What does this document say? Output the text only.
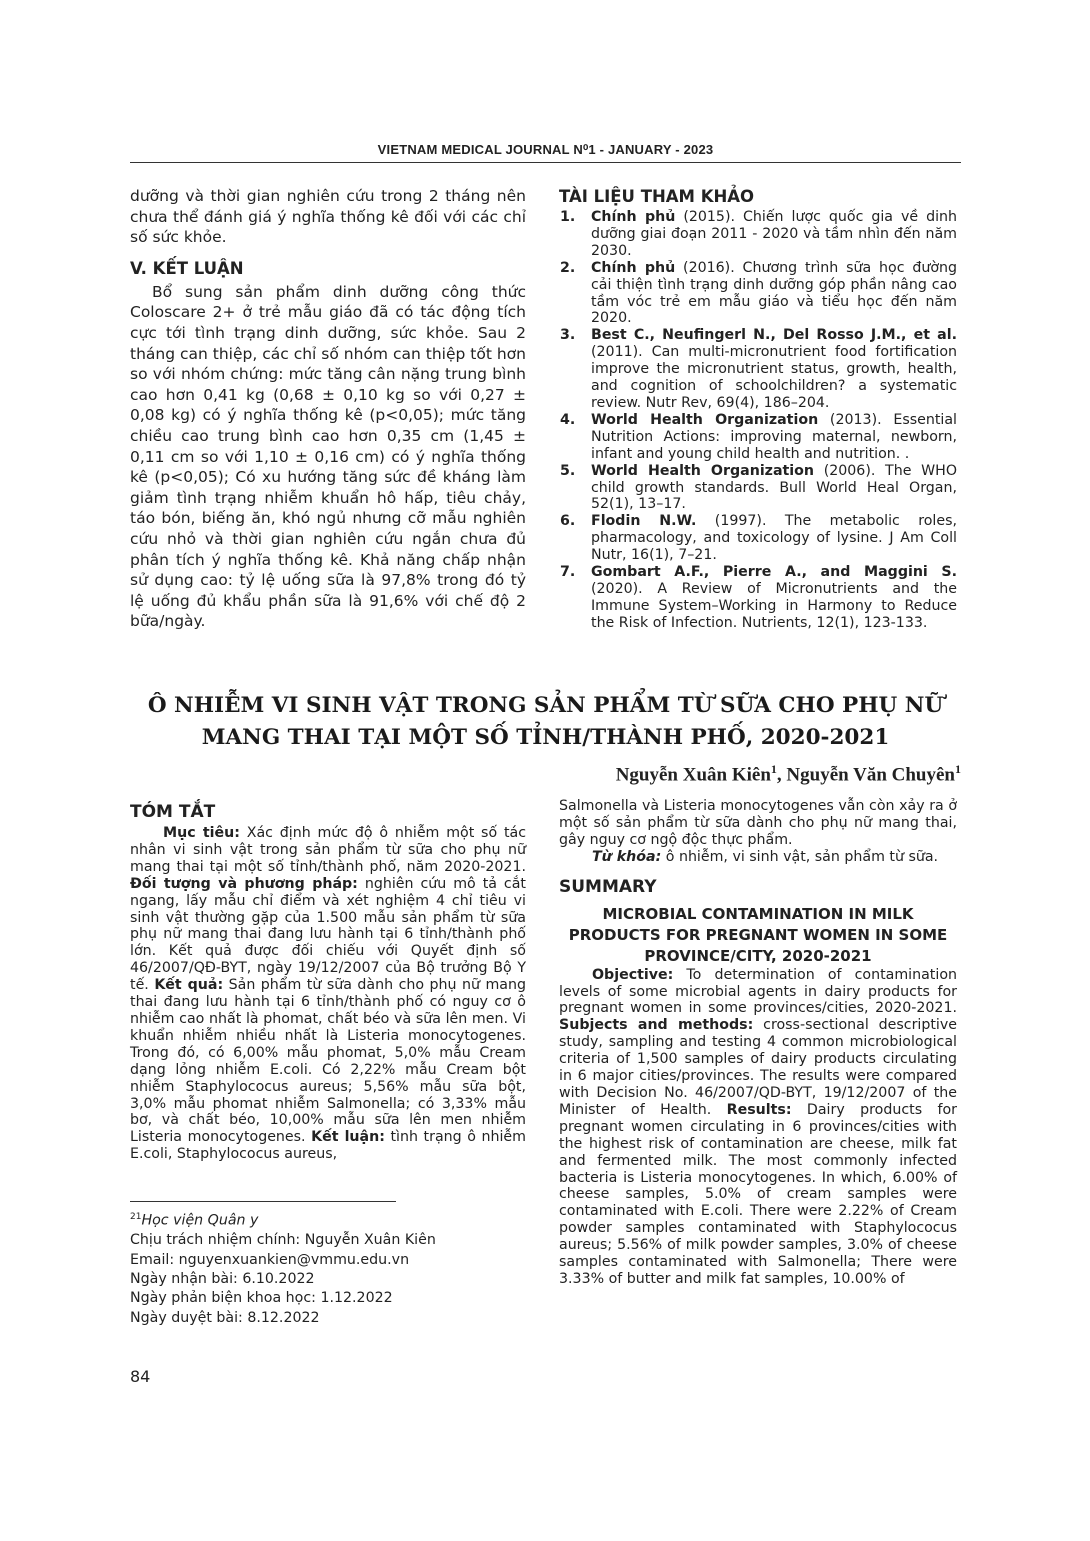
VIETNAM MEDICAL JOURNAL N⁰1 - JANUARY - 2023

dưỡng và thời gian nghiên cứu trong 2 tháng nên chưa thể đánh giá ý nghĩa thống kê đối với các chỉ số sức khỏe.

V. KẾT LUẬN

Bổ sung sản phẩm dinh dưỡng công thức Coloscare 2+ ở trẻ mẫu giáo đã có tác động tích cực tới tình trạng dinh dưỡng, sức khỏe. Sau 2 tháng can thiệp, các chỉ số nhóm can thiệp tốt hơn so với nhóm chứng: mức tăng cân nặng trung bình cao hơn 0,41 kg (0,68 ± 0,10 kg so với 0,27 ± 0,08 kg) có ý nghĩa thống kê (p<0,05); mức tăng chiều cao trung bình cao hơn 0,35 cm (1,45 ± 0,11 cm so với 1,10 ± 0,16 cm) có ý nghĩa thống kê (p<0,05); Có xu hướng tăng sức đề kháng làm giảm tình trạng nhiễm khuẩn hô hấp, tiêu chảy, táo bón, biếng ăn, khó ngủ nhưng cỡ mẫu nghiên cứu nhỏ và thời gian nghiên cứu ngắn chưa đủ phân tích ý nghĩa thống kê. Khả năng chấp nhận sử dụng cao: tỷ lệ uống sữa là 97,8% trong đó tỷ lệ uống đủ khẩu phần sữa là 91,6% với chế độ 2 bữa/ngày.

TÀI LIỆU THAM KHẢO

1. Chính phủ (2015). Chiến lược quốc gia về dinh dưỡng giai đoạn 2011 - 2020 và tầm nhìn đến năm 2030.
2. Chính phủ (2016). Chương trình sữa học đường cải thiện tình trạng dinh dưỡng góp phần nâng cao tầm vóc trẻ em mẫu giáo và tiểu học đến năm 2020.
3. Best C., Neufingerl N., Del Rosso J.M., et al. (2011). Can multi-micronutrient food fortification improve the micronutrient status, growth, health, and cognition of schoolchildren? a systematic review. Nutr Rev, 69(4), 186–204.
4. World Health Organization (2013). Essential Nutrition Actions: improving maternal, newborn, infant and young child health and nutrition. .
5. World Health Organization (2006). The WHO child growth standards. Bull World Heal Organ, 52(1), 13–17.
6. Flodin N.W. (1997). The metabolic roles, pharmacology, and toxicology of lysine. J Am Coll Nutr, 16(1), 7–21.
7. Gombart A.F., Pierre A., and Maggini S. (2020). A Review of Micronutrients and the Immune System–Working in Harmony to Reduce the Risk of Infection. Nutrients, 12(1), 123-133.
Ô NHIỄM VI SINH VẬT TRONG SẢN PHẨM TỪ SỮA CHO PHỤ NỮ
MANG THAI TẠI MỘT SỐ TỈNH/THÀNH PHỐ, 2020-2021
Nguyễn Xuân Kiên$^1$, Nguyễn Văn Chuyên$^1$

TÓM TẮT

Mục tiêu: Xác định mức độ ô nhiễm một số tác nhân vi sinh vật trong sản phẩm từ sữa cho phụ nữ mang thai tại một số tỉnh/thành phố, năm 2020-2021. Đối tượng và phương pháp: nghiên cứu mô tả cắt ngang, lấy mẫu chỉ điểm và xét nghiệm 4 chỉ tiêu vi sinh vật thường gặp của 1.500 mẫu sản phẩm từ sữa phụ nữ mang thai đang lưu hành tại 6 tỉnh/thành phố lớn. Kết quả được đối chiếu với Quyết định số 46/2007/QĐ-BYT, ngày 19/12/2007 của Bộ trưởng Bộ Y tế. Kết quả: Sản phẩm từ sữa dành cho phụ nữ mang thai đang lưu hành tại 6 tỉnh/thành phố có nguy cơ ô nhiễm cao nhất là phomat, chất béo và sữa lên men. Vi khuẩn nhiễm nhiều nhất là Listeria monocytogenes. Trong đó, có 6,00% mẫu phomat, 5,0% mẫu Cream dạng lỏng nhiễm E.coli. Có 2,22% mẫu Cream bột nhiễm Staphylococus aureus; 5,56% mẫu sữa bột, 3,0% mẫu phomat nhiễm Salmonella; có 3,33% mẫu bơ, và chất béo, 10,00% mẫu sữa lên men nhiễm Listeria monocytogenes. Kết luận: tình trạng ô nhiễm E.coli, Staphylococus aureus,

$^{21}$Học viện Quân y

Chịu trách nhiệm chính: Nguyễn Xuân Kiên

Email: nguyenxuankien@vmmu.edu.vn

Ngày nhận bài: 6.10.2022

Ngày phản biện khoa học: 1.12.2022

Ngày duyệt bài: 8.12.2022

Salmonella và Listeria monocytogenes vẫn còn xảy ra ở một số sản phẩm từ sữa dành cho phụ nữ mang thai, gây nguy cơ ngộ độc thực phẩm.

Từ khóa: ô nhiễm, vi sinh vật, sản phẩm từ sữa.

SUMMARY

MICROBIAL CONTAMINATION IN MILK PRODUCTS FOR PREGNANT WOMEN IN SOME PROVINCE/CITY, 2020-2021

Objective: To determination of contamination levels of some microbial agents in dairy products for pregnant women in some provinces/cities, 2020-2021. Subjects and methods: cross-sectional descriptive study, sampling and testing 4 common microbiological criteria of 1,500 samples of dairy products circulating in 6 major cities/provinces. The results were compared with Decision No. 46/2007/QD-BYT, 19/12/2007 of the Minister of Health. Results: Dairy products for pregnant women circulating in 6 provinces/cities with the highest risk of contamination are cheese, milk fat and fermented milk. The most commonly infected bacteria is Listeria monocytogenes. In which, 6.00% of cheese samples, 5.0% of cream samples were contaminated with E.coli. There were 2.22% of Cream powder samples contaminated with Staphylococus aureus; 5.56% of milk powder samples, 3.0% of cheese samples contaminated with Salmonella; There were 3.33% of butter and milk fat samples, 10.00% of

84
